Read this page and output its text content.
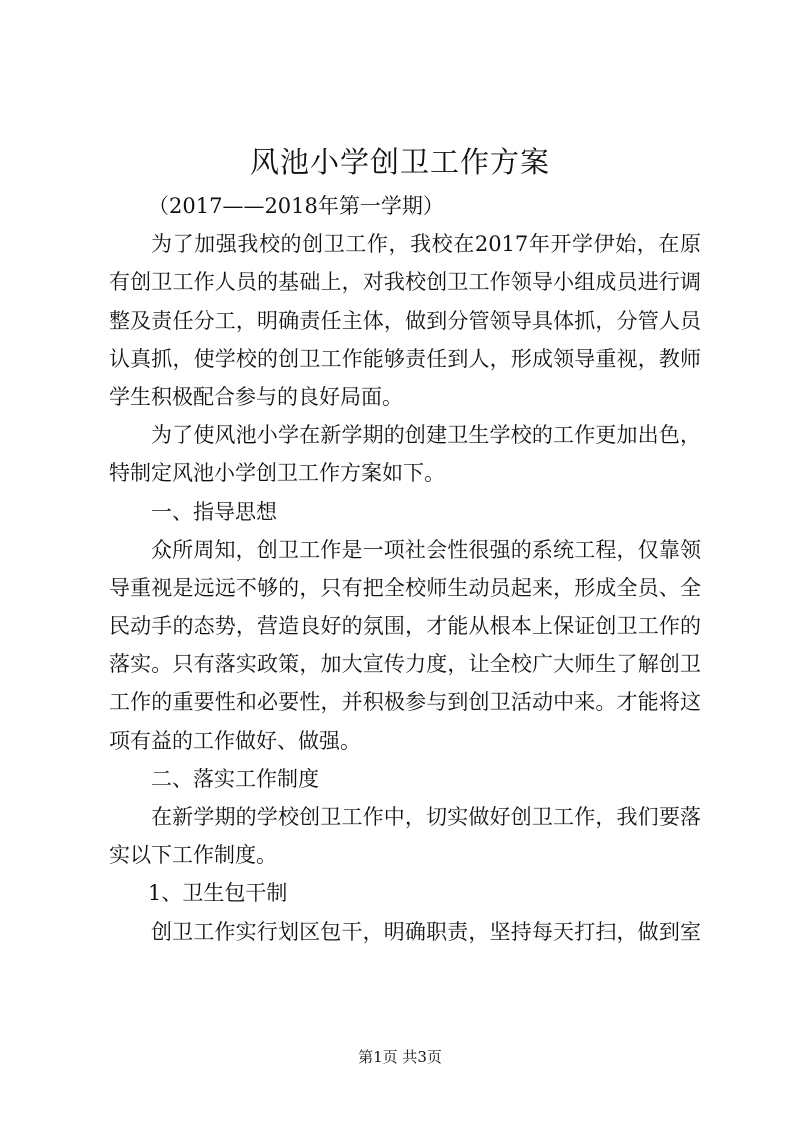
风池小学创卫工作方案
（2017——2018年第一学期）
为了加强我校的创卫工作，我校在2017年开学伊始，在原
有创卫工作人员的基础上，对我校创卫工作领导小组成员进行调
整及责任分工，明确责任主体，做到分管领导具体抓，分管人员
认真抓，使学校的创卫工作能够责任到人，形成领导重视，教师
学生积极配合参与的良好局面。
为了使风池小学在新学期的创建卫生学校的工作更加出色，
特制定风池小学创卫工作方案如下。
一、指导思想
众所周知，创卫工作是一项社会性很强的系统工程，仅靠领
导重视是远远不够的，只有把全校师生动员起来，形成全员、全
民动手的态势，营造良好的氛围，才能从根本上保证创卫工作的
落实。只有落实政策，加大宣传力度，让全校广大师生了解创卫
工作的重要性和必要性，并积极参与到创卫活动中来。才能将这
项有益的工作做好、做强。
二、落实工作制度
在新学期的学校创卫工作中，切实做好创卫工作，我们要落
实以下工作制度。
1、卫生包干制
创卫工作实行划区包干，明确职责，坚持每天打扫，做到室
第1页 共3页
